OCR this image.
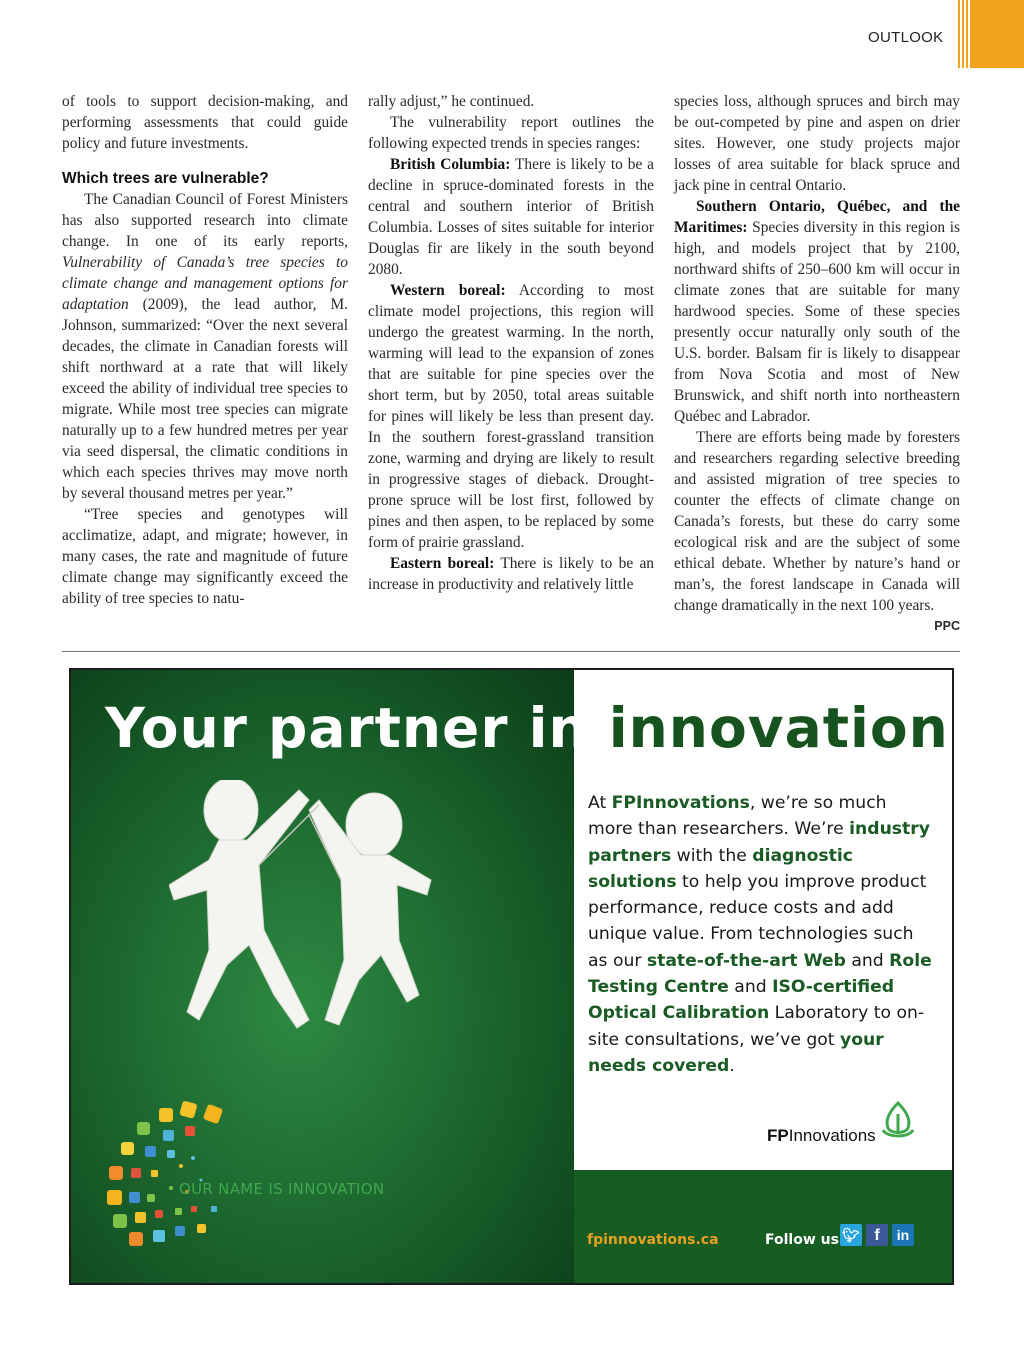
OUTLOOK

of tools to support decision-making, and performing assessments that could guide policy and future investments.

Which trees are vulnerable?

The Canadian Council of Forest Ministers has also supported research into climate change. In one of its early reports, Vulnerability of Canada’s tree species to climate change and management options for adaptation (2009), the lead author, M. Johnson, summarized: “Over the next several decades, the climate in Canadian forests will shift northward at a rate that will likely exceed the ability of individual tree species to migrate. While most tree species can migrate naturally up to a few hundred metres per year via seed dispersal, the climatic conditions in which each species thrives may move north by several thousand metres per year.”

“Tree species and genotypes will acclimatize, adapt, and migrate; however, in many cases, the rate and magnitude of future climate change may significantly exceed the ability of tree species to natu-

rally adjust,” he continued.

The vulnerability report outlines the following expected trends in species ranges:

British Columbia: There is likely to be a decline in spruce-dominated forests in the central and southern interior of British Columbia. Losses of sites suitable for interior Douglas fir are likely in the south beyond 2080.

Western boreal: According to most climate model projections, this region will undergo the greatest warming. In the north, warming will lead to the expansion of zones that are suitable for pine species over the short term, but by 2050, total areas suitable for pines will likely be less than present day. In the southern forest-grassland transition zone, warming and drying are likely to result in progressive stages of dieback. Drought-prone spruce will be lost first, followed by pines and then aspen, to be replaced by some form of prairie grassland.

Eastern boreal: There is likely to be an increase in productivity and relatively little

species loss, although spruces and birch may be out-competed by pine and aspen on drier sites. However, one study projects major losses of area suitable for black spruce and jack pine in central Ontario.

Southern Ontario, Québec, and the Maritimes: Species diversity in this region is high, and models project that by 2100, northward shifts of 250–600 km will occur in climate zones that are suitable for many hardwood species. Some of these species presently occur naturally only south of the U.S. border. Balsam fir is likely to disappear from Nova Scotia and most of New Brunswick, and shift north into northeastern Québec and Labrador.

There are efforts being made by foresters and researchers regarding selective breeding and assisted migration of tree species to counter the effects of climate change on Canada’s forests, but these do carry some ecological risk and are the subject of some ethical debate. Whether by nature’s hand or man’s, the forest landscape in Canada will change dramatically in the next 100 years.
PPC

Your partner in innovation
At FPInnovations, we’re so much more than researchers. We’re industry partners with the diagnostic solutions to help you improve product performance, reduce costs and add unique value. From technologies such as our state-of-the-art Web and Role Testing Centre and ISO-certified Optical Calibration Laboratory to on-site consultations, we’ve got your needs covered.
FPInnovations
OUR NAME IS INNOVATION
fpinnovations.ca	Follow us 🐦︎ f	in
